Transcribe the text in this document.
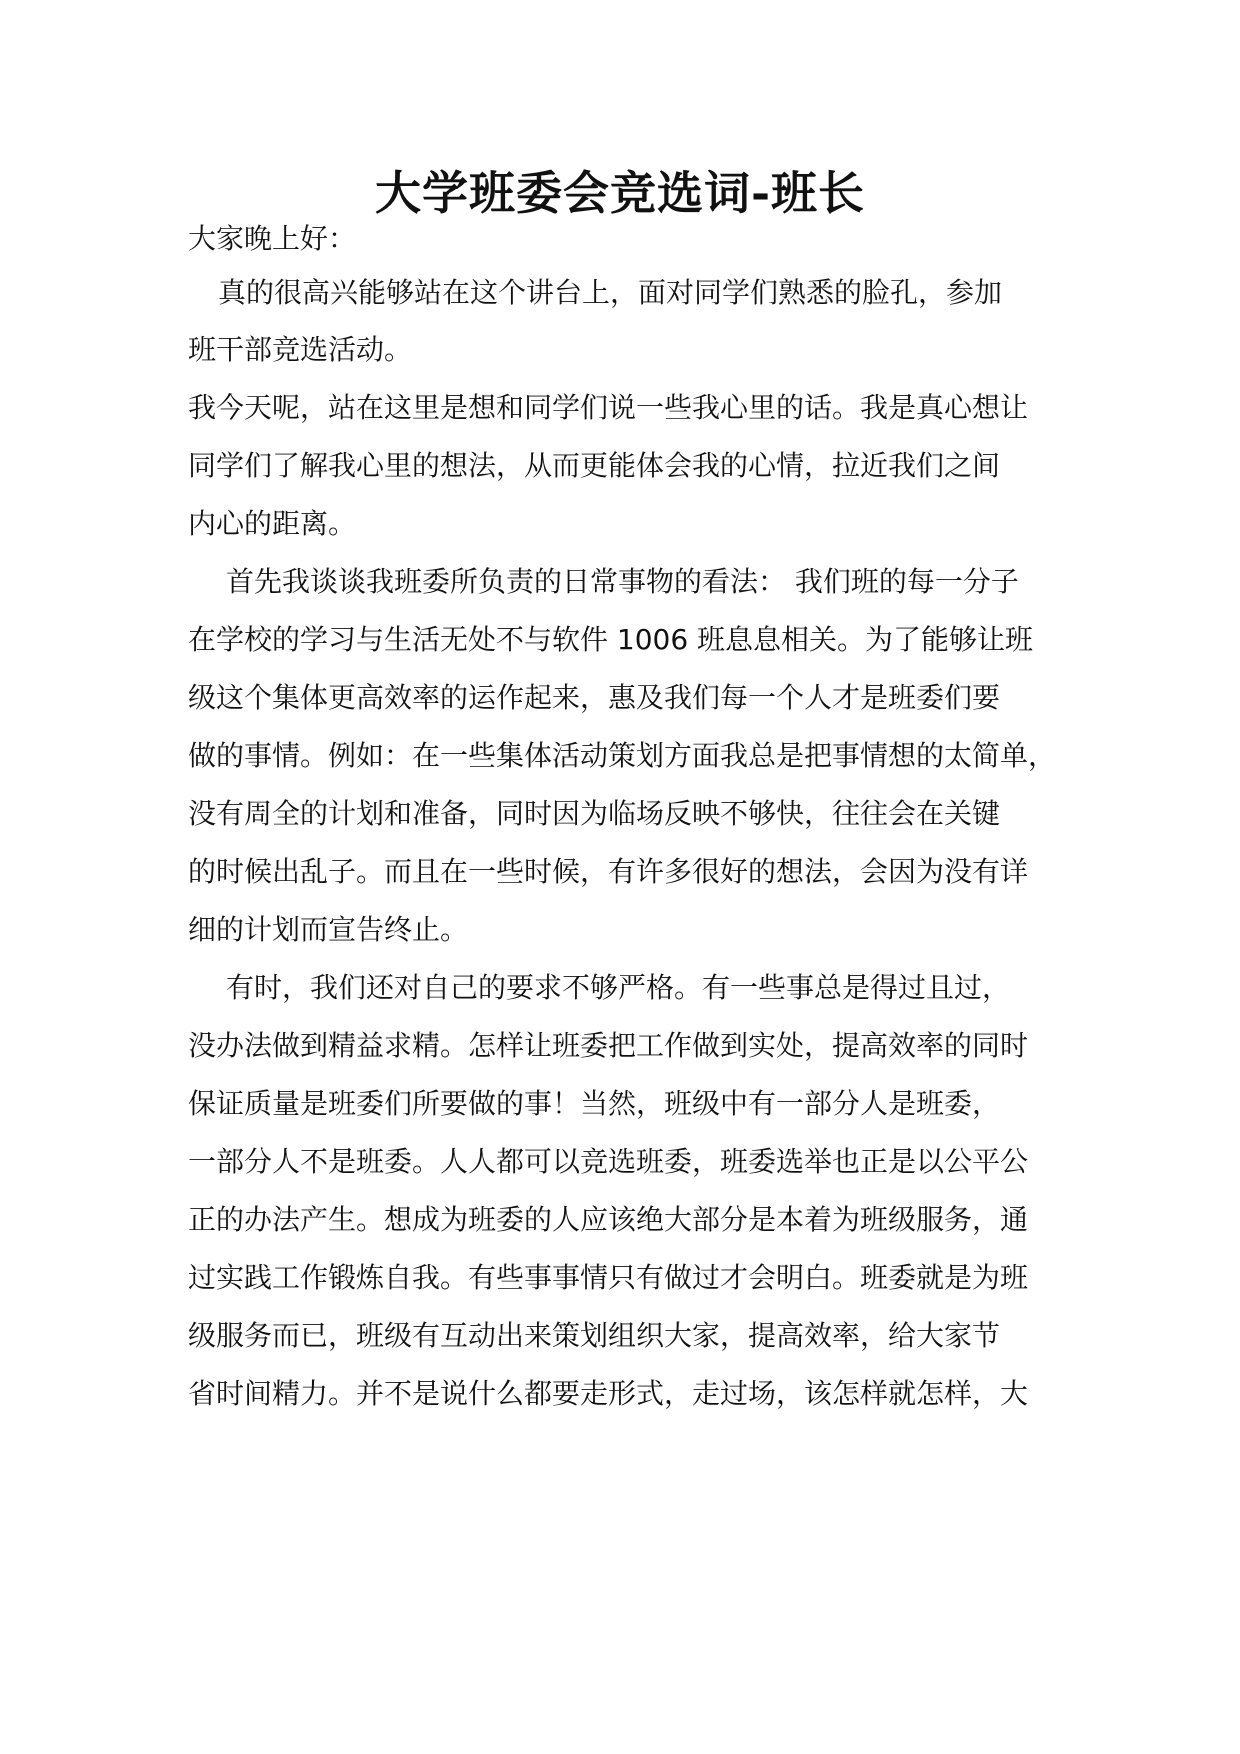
大学班委会竞选词-班长

大家晚上好：

真的很高兴能够站在这个讲台上，面对同学们熟悉的脸孔，参加

班干部竞选活动。

我今天呢，站在这里是想和同学们说一些我心里的话。我是真心想让

同学们了解我心里的想法，从而更能体会我的心情，拉近我们之间

内心的距离。

首先我谈谈我班委所负责的日常事物的看法： 我们班的每一分子

在学校的学习与生活无处不与软件 1006 班息息相关。为了能够让班

级这个集体更高效率的运作起来，惠及我们每一个人才是班委们要

做的事情。例如：在一些集体活动策划方面我总是把事情想的太简单，

没有周全的计划和准备，同时因为临场反映不够快，往往会在关键

的时候出乱子。而且在一些时候，有许多很好的想法，会因为没有详

细的计划而宣告终止。

有时，我们还对自己的要求不够严格。有一些事总是得过且过，

没办法做到精益求精。怎样让班委把工作做到实处，提高效率的同时

保证质量是班委们所要做的事！当然，班级中有一部分人是班委，

一部分人不是班委。人人都可以竞选班委，班委选举也正是以公平公

正的办法产生。想成为班委的人应该绝大部分是本着为班级服务，通

过实践工作锻炼自我。有些事事情只有做过才会明白。班委就是为班

级服务而已，班级有互动出来策划组织大家，提高效率，给大家节

省时间精力。并不是说什么都要走形式，走过场，该怎样就怎样，大
